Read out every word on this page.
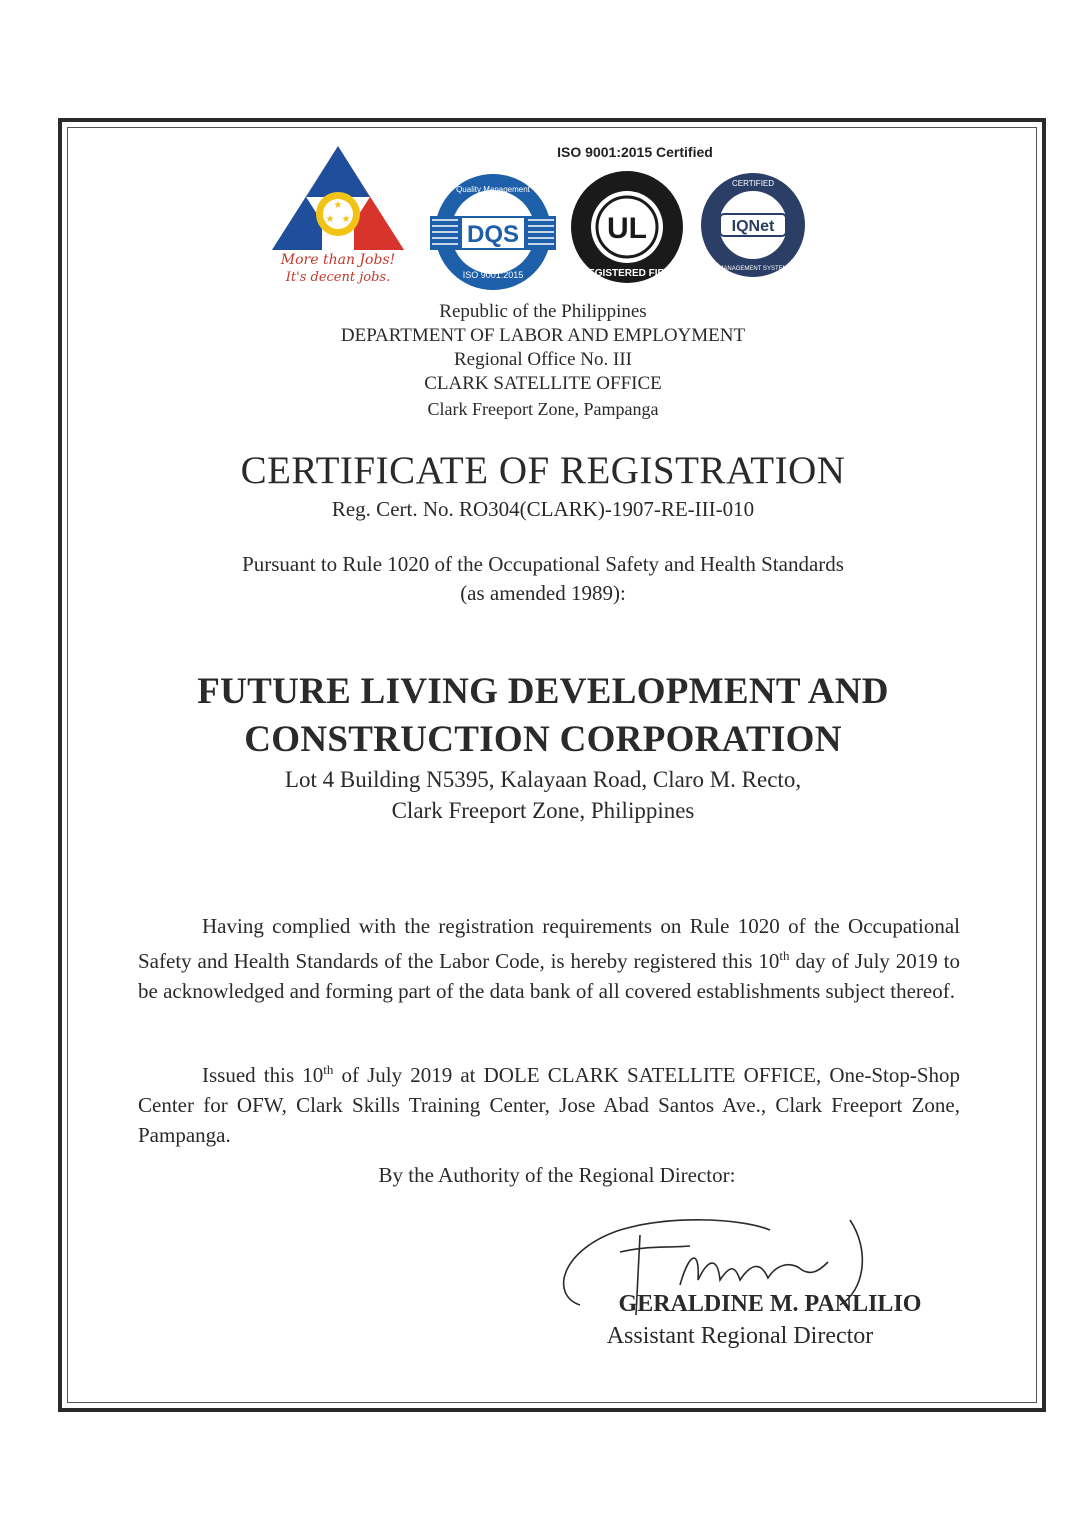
★
★ ★
More than Jobs!
It's decent jobs.
ISO 9001:2015 Certified
DQS
Quality Management
ISO 9001:2015
UL
REGISTERED FIRM
IQNet
CERTIFIED
MANAGEMENT SYSTEM
Republic of the Philippines
DEPARTMENT OF LABOR AND EMPLOYMENT
Regional Office No. III
CLARK SATELLITE OFFICE
Clark Freeport Zone, Pampanga
CERTIFICATE OF REGISTRATION
Reg. Cert. No. RO304(CLARK)-1907-RE-III-010
Pursuant to Rule 1020 of the Occupational Safety and Health Standards
(as amended 1989):
FUTURE LIVING DEVELOPMENT AND
CONSTRUCTION CORPORATION
Lot 4 Building N5395, Kalayaan Road, Claro M. Recto,
Clark Freeport Zone, Philippines
Having complied with the registration requirements on Rule 1020 of the Occupational Safety and Health Standards of the Labor Code, is hereby registered this 10th day of July 2019 to be acknowledged and forming part of the data bank of all covered establishments subject thereof.
Issued this 10th of July 2019 at DOLE CLARK SATELLITE OFFICE, One-Stop-Shop Center for OFW, Clark Skills Training Center, Jose Abad Santos Ave., Clark Freeport Zone, Pampanga.
By the Authority of the Regional Director:
GERALDINE M. PANLILIO
Assistant Regional Director
